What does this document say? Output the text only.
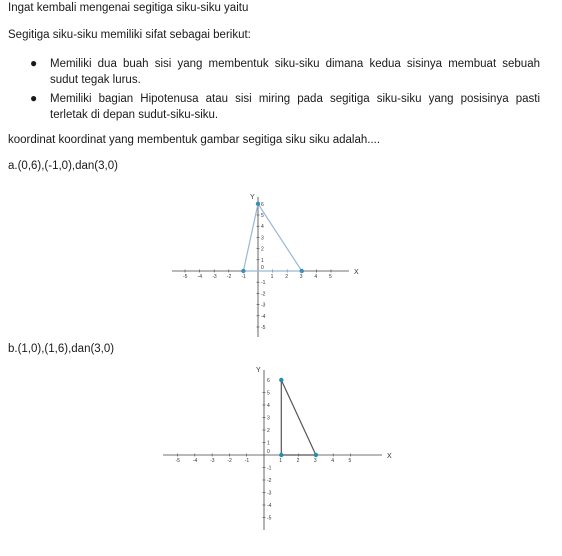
Ingat kembali mengenai segitiga siku-siku yaitu
Segitiga siku-siku memiliki sifat sebagai berikut:
● Memiliki dua buah sisi yang membentuk siku-siku dimana kedua sisinya membuat sebuah
sudut tegak lurus.
● Memiliki bagian Hipotenusa atau sisi miring pada segitiga siku-siku yang posisinya pasti
terletak di depan sudut-siku-siku.
koordinat koordinat yang membentuk gambar segitiga siku siku adalah....
a.(0,6),(-1,0),dan(3,0)
X
Y
-5 -4 -3 -2 -1	1 2 3 4 5
5
4
3
2
1
-1
-2
-3
-4
-5
0
6
b.(1,0),(1,6),dan(3,0)
X
Y
-5	-4	-3	-2	-1	1	2	3	4	5
5
4
3
2
1
-1
-2
-3
-4
-5
0
6
